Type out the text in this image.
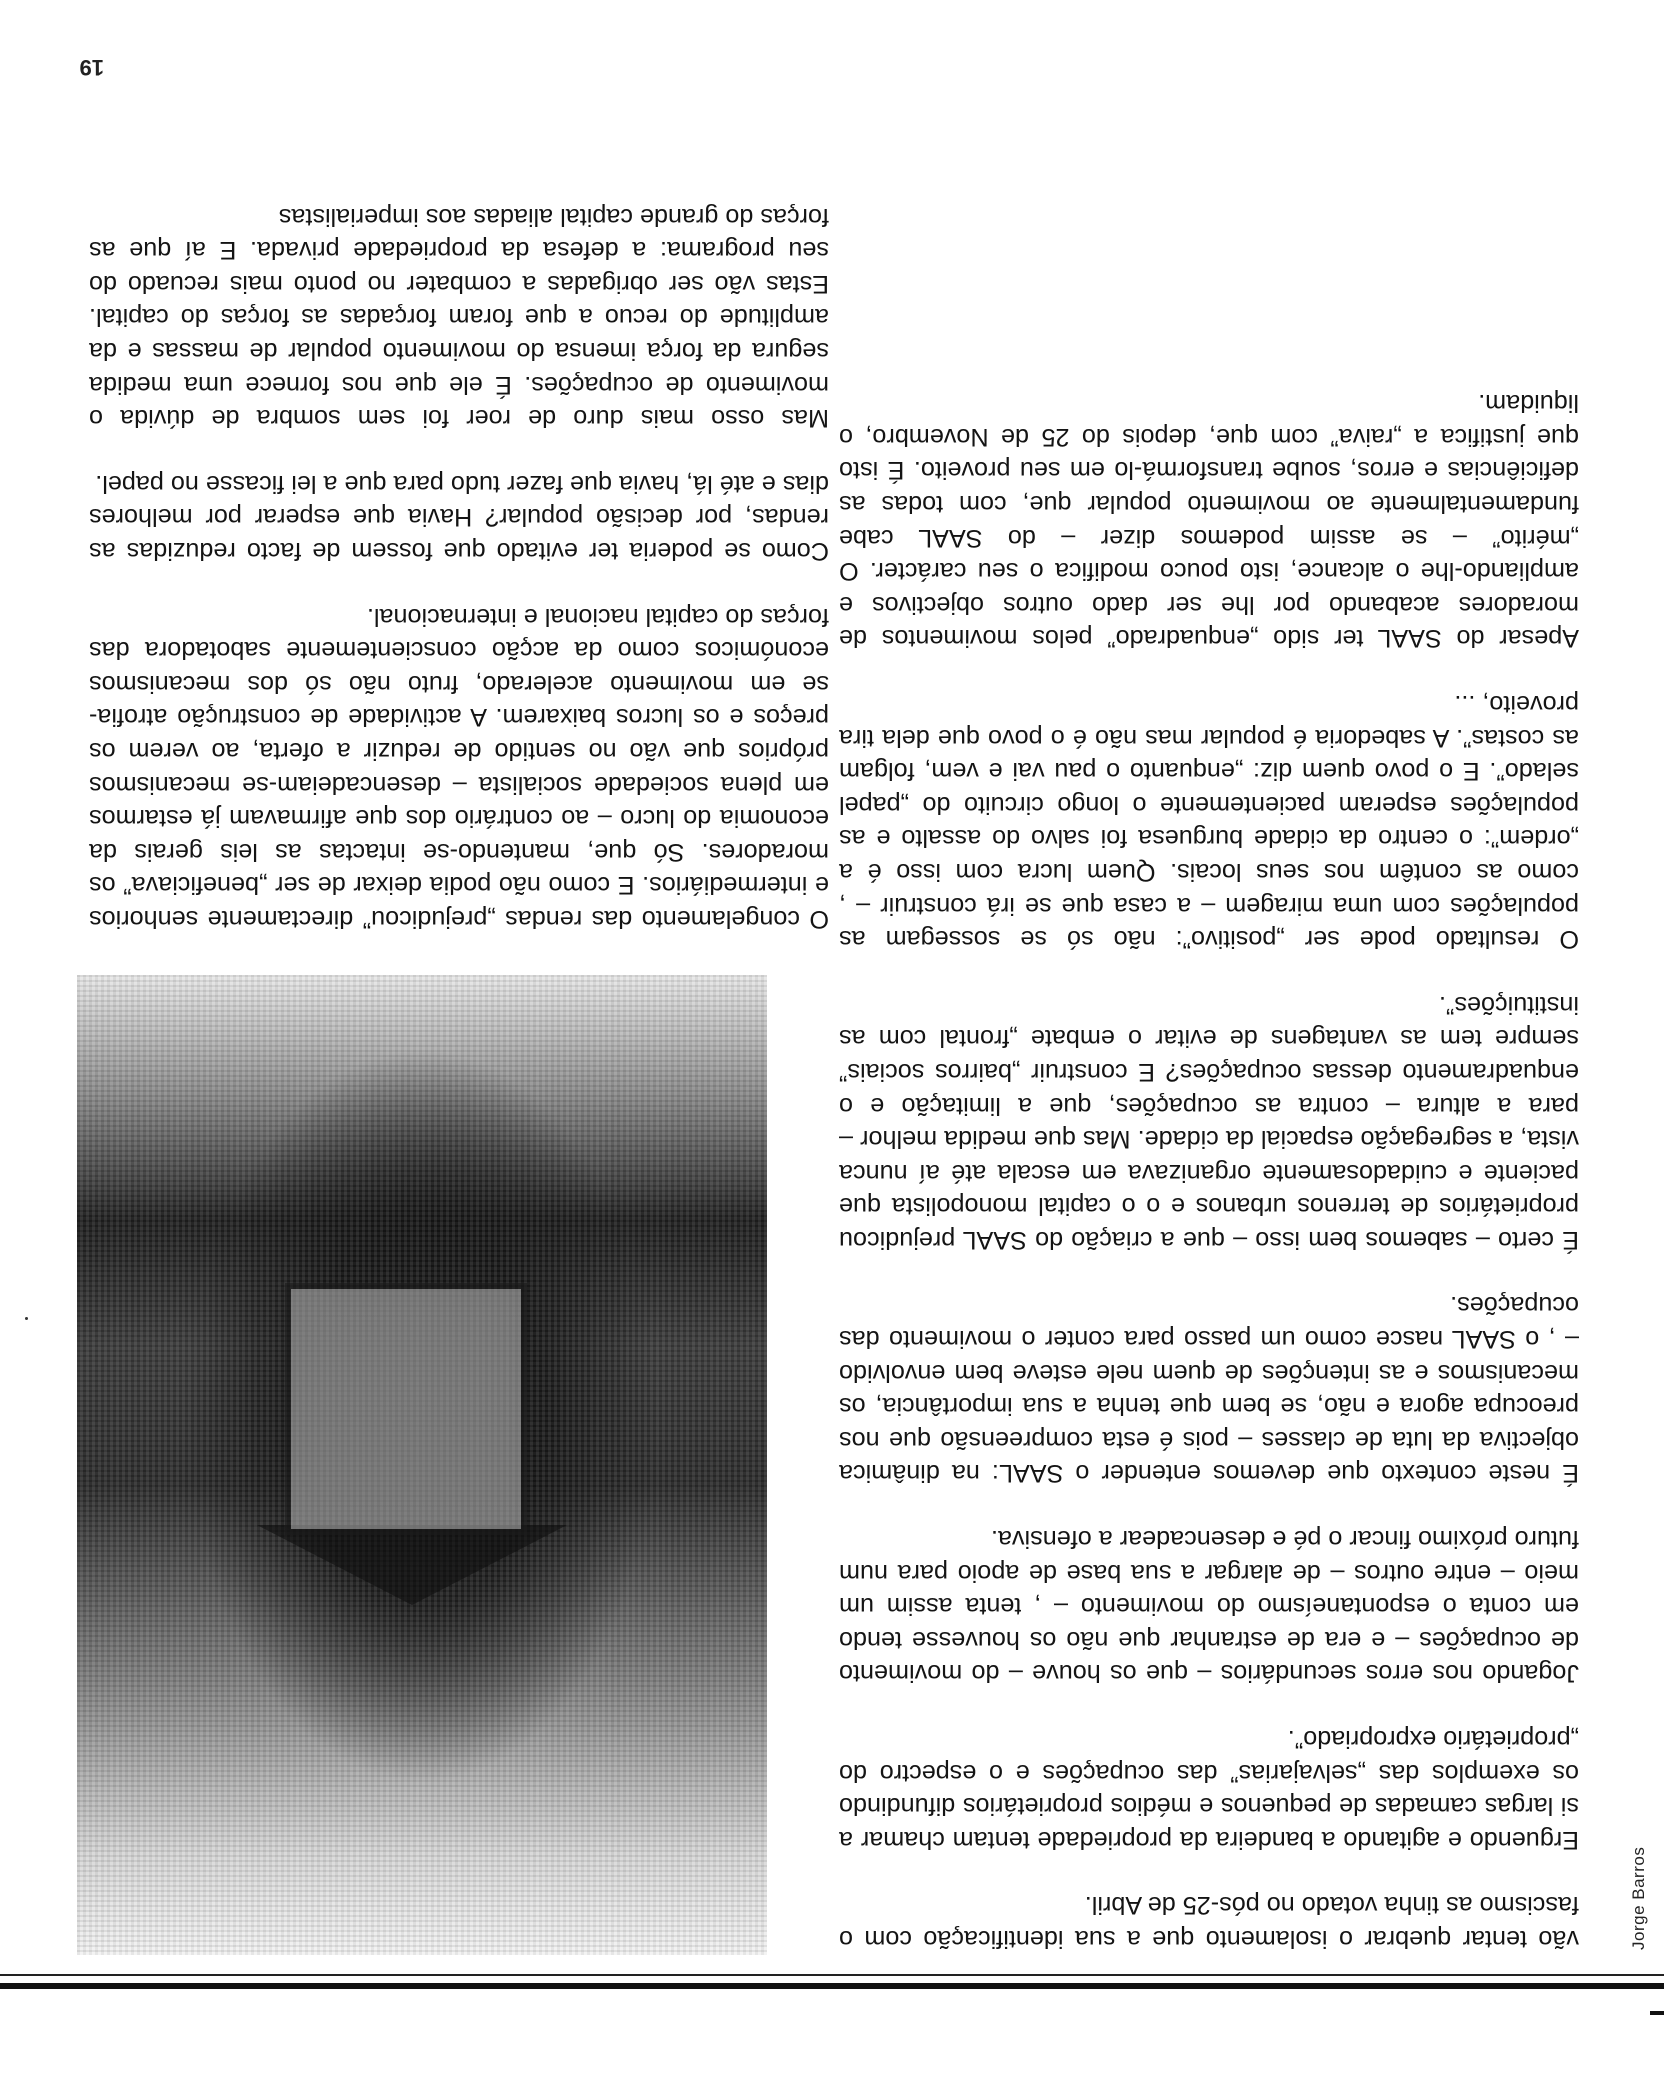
Jorge Barros

O congelamento das rendas „prejudicou” directamente senhorios e intermediários. E como não podia deixar de ser „beneficiava” os moradores. Só que, mantendo-se intactas as leis gerais da economia do lucro – ao contrário dos que afirmavam já estarmos em plena sociedade socialista – desencadeiam-se mecanismos próprios que vão no sentido de reduzir a oferta, ao verem os preços e os lucros baixarem. A actividade de construção atrofia-se em movimento acelerado, fruto não só dos mecanismos económicos como da acção conscientemente sabotadora das forças do capital nacional e internacional.

Como se poderia ter evitado que fossem de facto reduzidas as rendas, por decisão popular? Havia que esperar por melhores dias e até lá, havia que fazer tudo para que a lei ficasse no papel.

Mas osso mais duro de roer foi sem sombra de dúvida o movimento de ocupações. É ele que nos fornece uma medida segura da força imensa do movimento popular de massas e da amplitude do recuo a que foram forçadas as forças do capital. Estas vão ser obrigadas a combater no ponto mais recuado do seu programa: a defesa da propriedade privada. E aí que as forças do grande capital aliadas aos imperialistas

vão tentar quebrar o isolamento que a sua identificação com o fascismo as tinha votado no pós-25 de Abril.

Erguendo e agitando a bandeira da propriedade tentam chamar a si largas camadas de pequenos e médios proprietários difundindo os exemplos das „selvajarias” das ocupações e o espectro do „proprietário expropriado”.

Jogando nos erros secundários – que os houve – do movimento de ocupações – e era de estranhar que não os houvesse tendo em conta o espontaneísmo do movimento – , tenta assim um meio – entre outros – de alargar a sua base de apoio para num futuro próximo fincar o pé e desencadear a ofensiva.

É neste contexto que devemos entender o SAAL: na dinâmica objectiva da luta de classes – pois é esta compreensão que nos preocupa agora e não, se bem que tenha a sua importância, os mecanismos e as intenções de quem nele esteve bem envolvido – , o SAAL nasce como um passo para conter o movimento das ocupações.

É certo – sabemos bem isso – que a criação do SAAL prejudicou proprietários de terrenos urbanos e o o capital monopolista que paciente e cuidadosamente organizava em escala até aí nunca vista, a segregação espacial da cidade. Mas que medida melhor – para a altura – contra as ocupações, que a limitação e o enquadramento dessas ocupações? E construir „bairros sociais” sempre tem as vantagens de evitar o embate „frontal com as instituições”.

O resultado pode ser „positivo”: não só se sossegam as populações com uma miragem – a casa que se irá construir – , como as contêm nos seus locais. Quem lucra com isso é a „ordem”: o centro da cidade burguesa foi salvo do assalto e as populações esperam pacientemente o longo circuito do „papel selado”. E o povo quem diz: „enquanto o pau vai e vem, folgam as costas”. A sabedoria é popular mas não é o povo que dela tira proveito, ...

Apesar do SAAL ter sido „enquadrado” pelos movimentos de moradores acabando por lhe ser dado outros objectivos e ampliando-lhe o alcance, isto pouco modifica o seu carácter. O „mérito” – se assim podemos dizer – do SAAL cabe fundamentalmente ao movimento popular que, com todas as deficiências e erros, soube transformá-lo em seu proveito. É isto que justifica a „raiva” com que, depois do 25 de Novembro, o liquidam.

19
